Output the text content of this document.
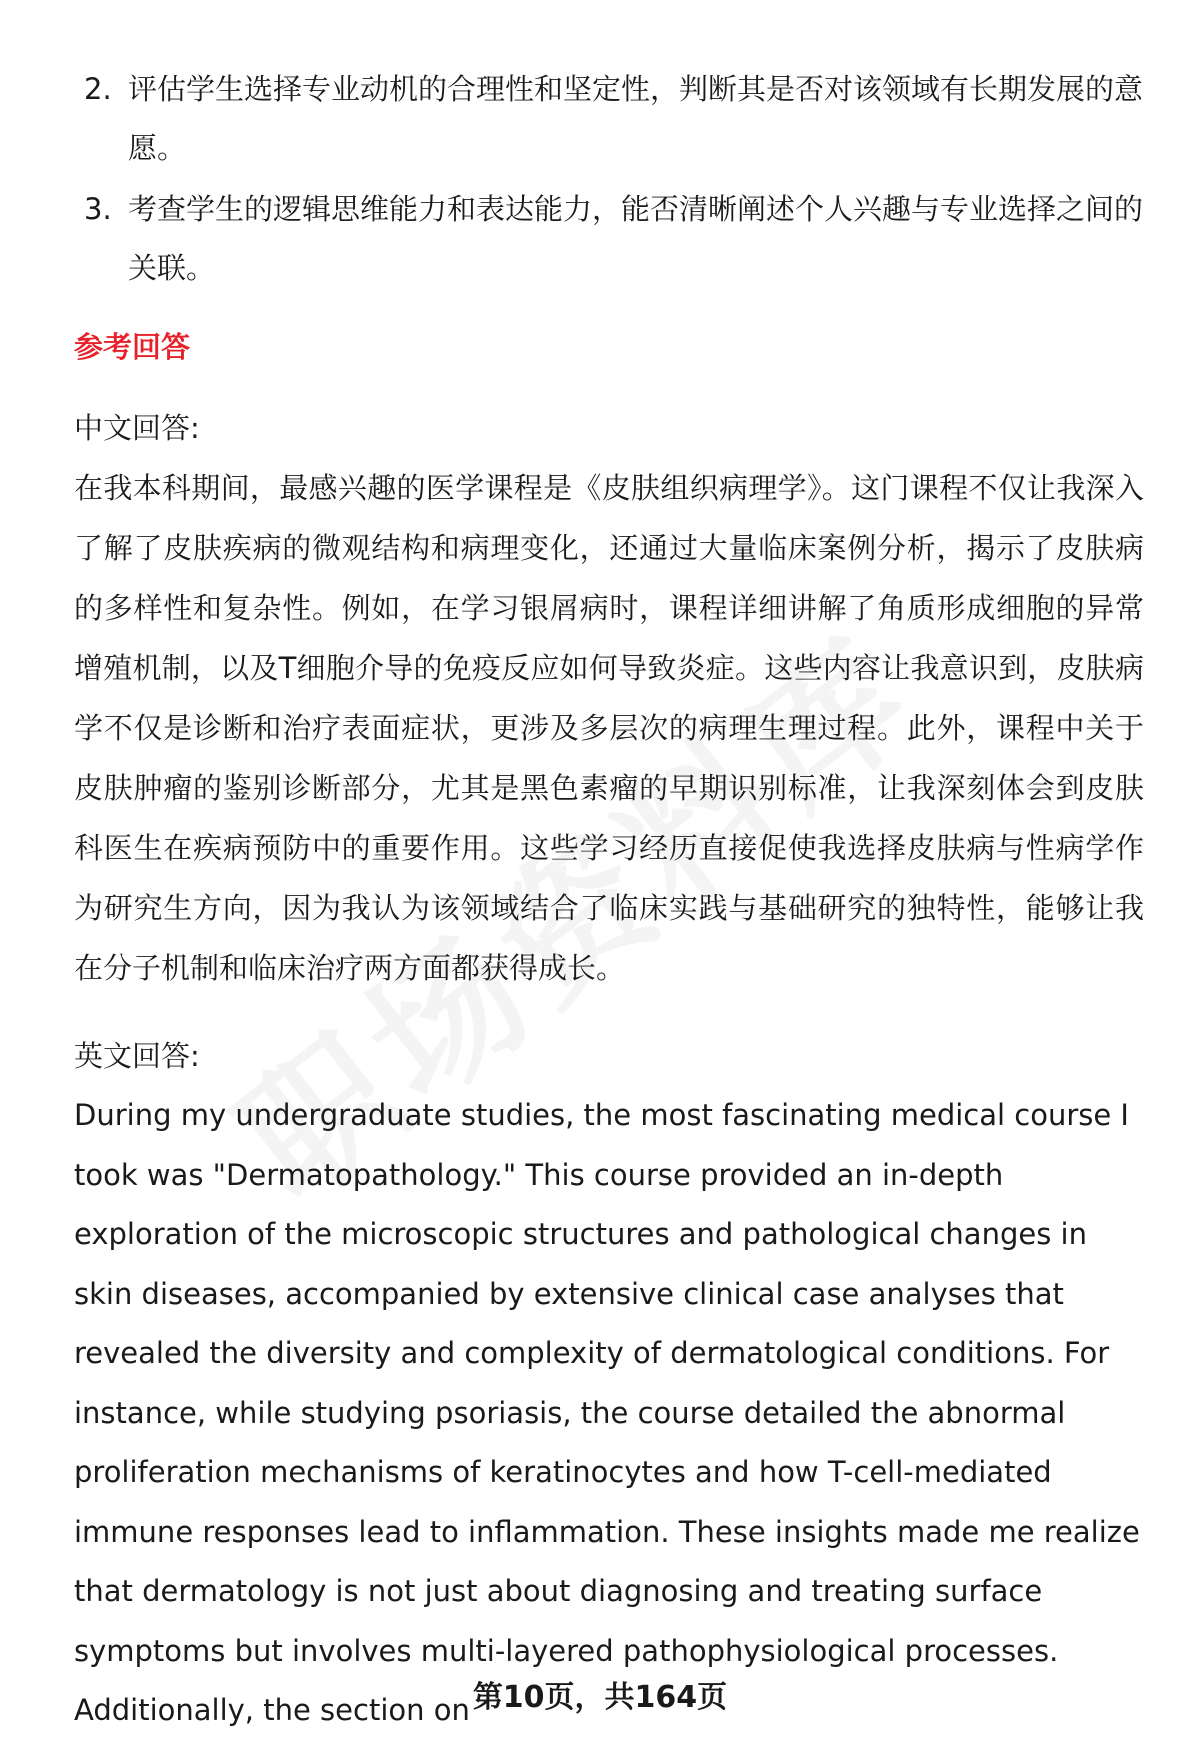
2. 评估学生选择专业动机的合理性和坚定性，判断其是否对该领域有长期发展的意愿。
3. 考查学生的逻辑思维能力和表达能力，能否清晰阐述个人兴趣与专业选择之间的关联。
参考回答
中文回答:
在我本科期间，最感兴趣的医学课程是《皮肤组织病理学》。这门课程不仅让我深入了解了皮肤疾病的微观结构和病理变化，还通过大量临床案例分析，揭示了皮肤病的多样性和复杂性。例如，在学习银屑病时，课程详细讲解了角质形成细胞的异常增殖机制，以及T细胞介导的免疫反应如何导致炎症。这些内容让我意识到，皮肤病学不仅是诊断和治疗表面症状，更涉及多层次的病理生理过程。此外，课程中关于皮肤肿瘤的鉴别诊断部分，尤其是黑色素瘤的早期识别标准，让我深刻体会到皮肤科医生在疾病预防中的重要作用。这些学习经历直接促使我选择皮肤病与性病学作为研究生方向，因为我认为该领域结合了临床实践与基础研究的独特性，能够让我在分子机制和临床治疗两方面都获得成长。
英文回答:
During my undergraduate studies, the most fascinating medical course I took was "Dermatopathology." This course provided an in-depth exploration of the microscopic structures and pathological changes in skin diseases, accompanied by extensive clinical case analyses that revealed the diversity and complexity of dermatological conditions. For instance, while studying psoriasis, the course detailed the abnormal proliferation mechanisms of keratinocytes and how T-cell-mediated immune responses lead to inflammation. These insights made me realize that dermatology is not just about diagnosing and treating surface symptoms but involves multi-layered pathophysiological processes. Additionally, the section on 第10页，共164页
